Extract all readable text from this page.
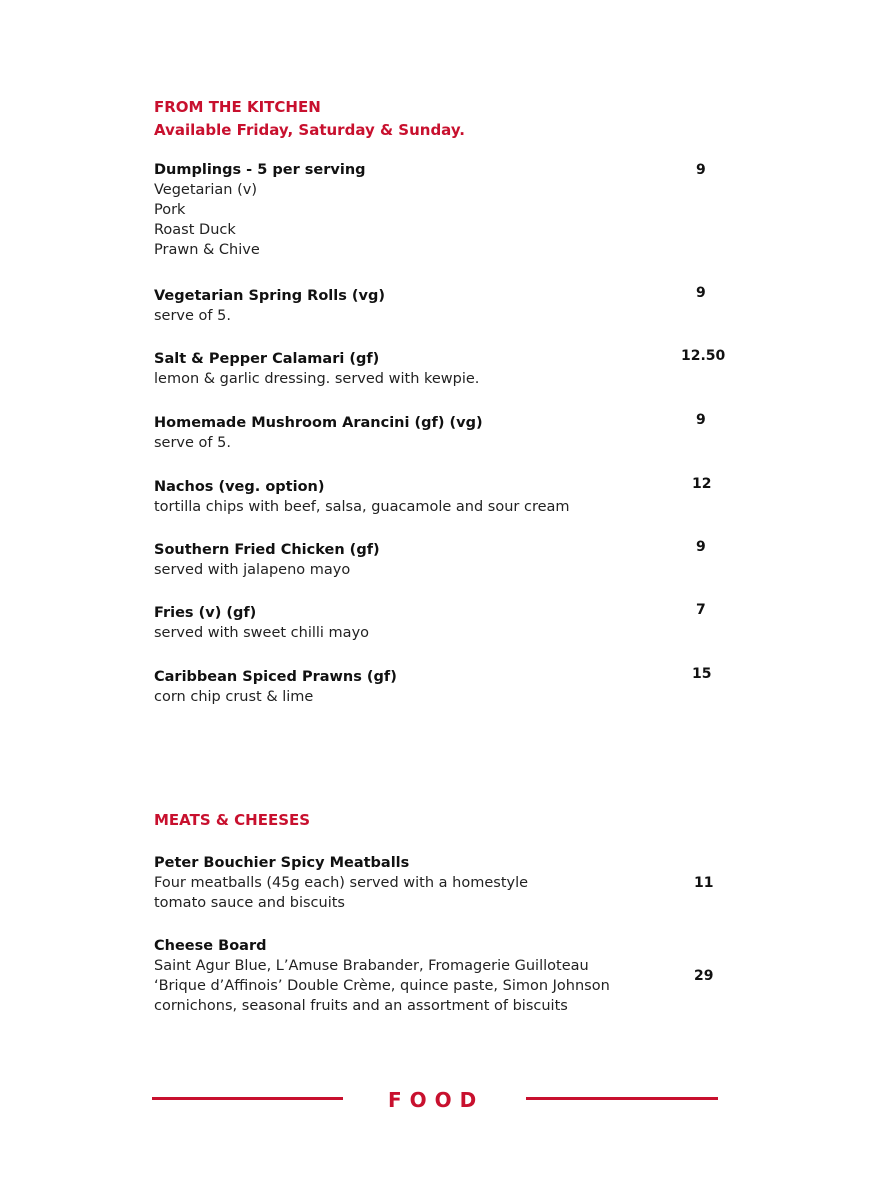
FROM THE KITCHEN
Available Friday, Saturday & Sunday.
Dumplings - 5 per serving
Vegetarian (v)
Pork
Roast Duck
Prawn & Chive
9
Vegetarian Spring Rolls (vg)
serve of 5.
9
Salt & Pepper Calamari (gf)
lemon & garlic dressing. served with kewpie.
12.50
Homemade Mushroom Arancini (gf) (vg)
serve of 5.
9
Nachos (veg. option)
tortilla chips with beef, salsa, guacamole and sour cream
12
Southern Fried Chicken (gf)
served with jalapeno mayo
9
Fries (v) (gf)
served with sweet chilli mayo
7
Caribbean Spiced Prawns (gf)
corn chip crust & lime
15
MEATS & CHEESES
Peter Bouchier Spicy Meatballs
Four meatballs (45g each) served with a homestyle
tomato sauce and biscuits
11
Cheese Board
Saint Agur Blue, L’Amuse Brabander, Fromagerie Guilloteau
‘Brique d’Affinois’ Double Crème, quince paste, Simon Johnson
cornichons, seasonal fruits and an assortment of biscuits
29
FOOD
